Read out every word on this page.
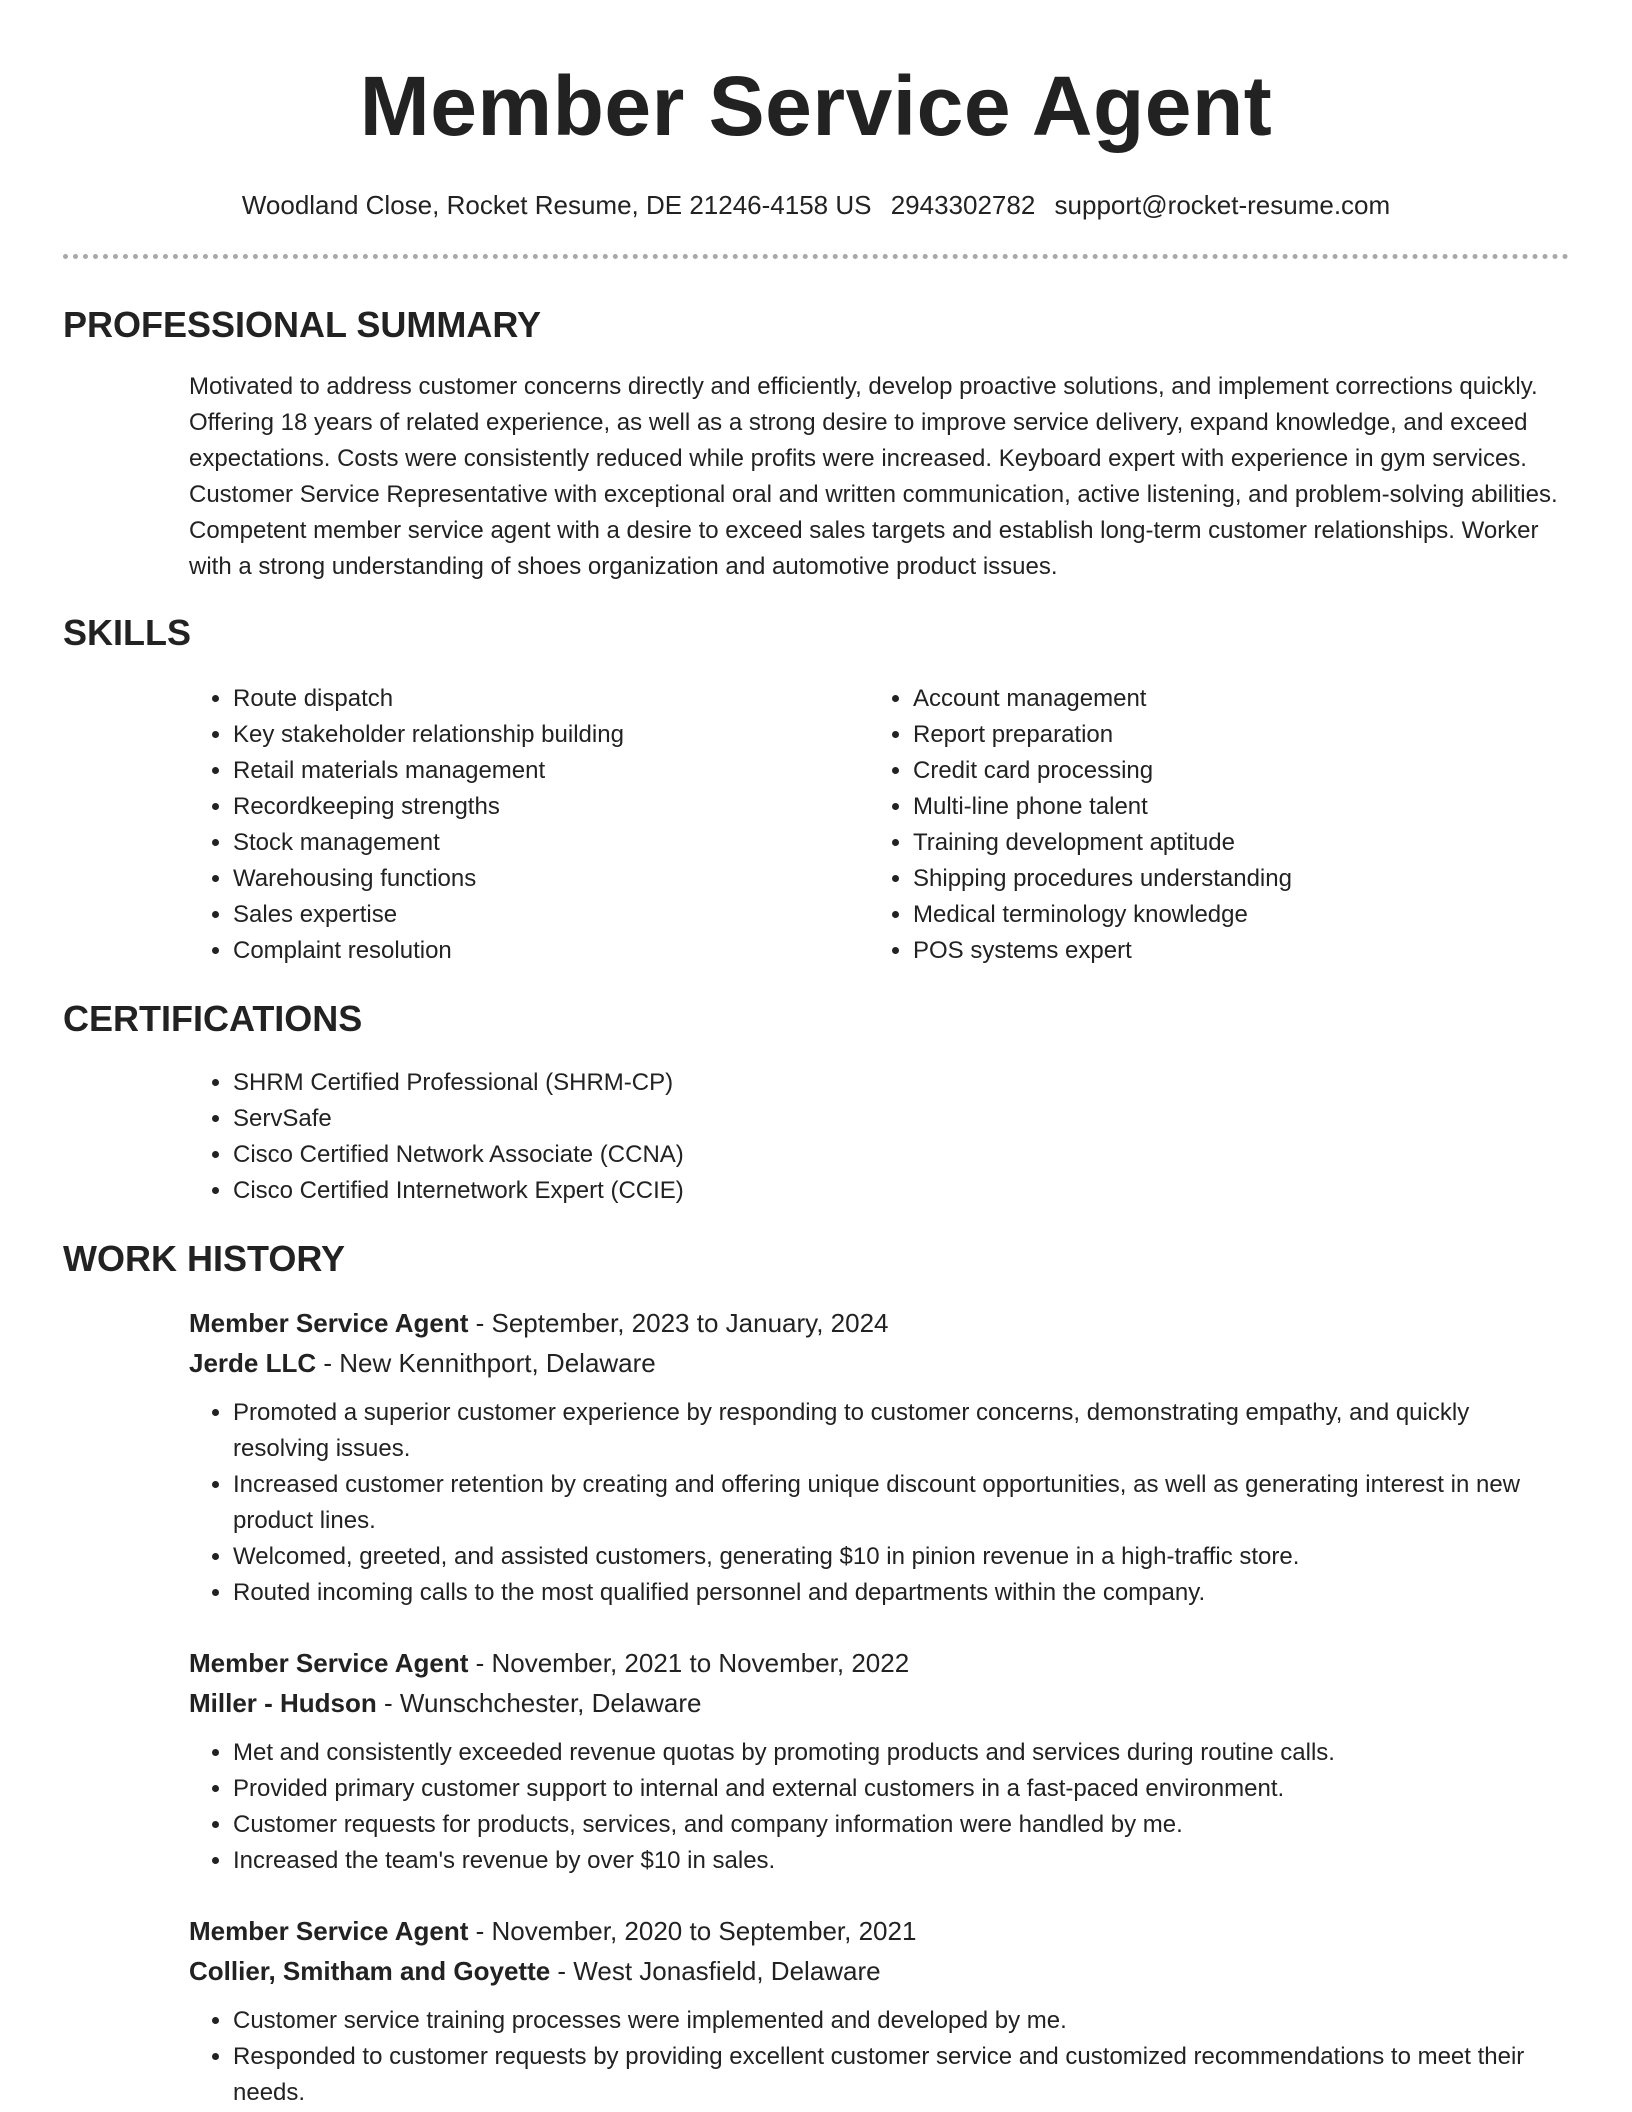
Member Service Agent
Woodland Close, Rocket Resume, DE 21246-4158 US 2943302782 support@rocket-resume.com
PROFESSIONAL SUMMARY

Motivated to address customer concerns directly and efficiently, develop proactive solutions, and implement corrections quickly. Offering 18 years of related experience, as well as a strong desire to improve service delivery, expand knowledge, and exceed expectations. Costs were consistently reduced while profits were increased. Keyboard expert with experience in gym services. Customer Service Representative with exceptional oral and written communication, active listening, and problem-solving abilities. Competent member service agent with a desire to exceed sales targets and establish long-term customer relationships. Worker with a strong understanding of shoes organization and automotive product issues.

SKILLS
• Route dispatch
• Key stakeholder relationship building
• Retail materials management
• Recordkeeping strengths
• Stock management
• Warehousing functions
• Sales expertise
• Complaint resolution
• Account management
• Report preparation
• Credit card processing
• Multi-line phone talent
• Training development aptitude
• Shipping procedures understanding
• Medical terminology knowledge
• POS systems expert
CERTIFICATIONS
• SHRM Certified Professional (SHRM-CP)
• ServSafe
• Cisco Certified Network Associate (CCNA)
• Cisco Certified Internetwork Expert (CCIE)
WORK HISTORY
Member Service Agent - September, 2023 to January, 2024
Jerde LLC - New Kennithport, Delaware
• Promoted a superior customer experience by responding to customer concerns, demonstrating empathy, and quickly resolving issues.
• Increased customer retention by creating and offering unique discount opportunities, as well as generating interest in new product lines.
• Welcomed, greeted, and assisted customers, generating $10 in pinion revenue in a high-traffic store.
• Routed incoming calls to the most qualified personnel and departments within the company.
Member Service Agent - November, 2021 to November, 2022
Miller - Hudson - Wunschchester, Delaware
• Met and consistently exceeded revenue quotas by promoting products and services during routine calls.
• Provided primary customer support to internal and external customers in a fast-paced environment.
• Customer requests for products, services, and company information were handled by me.
• Increased the team's revenue by over $10 in sales.
Member Service Agent - November, 2020 to September, 2021
Collier, Smitham and Goyette - West Jonasfield, Delaware
• Customer service training processes were implemented and developed by me.
• Responded to customer requests by providing excellent customer service and customized recommendations to meet their needs.
